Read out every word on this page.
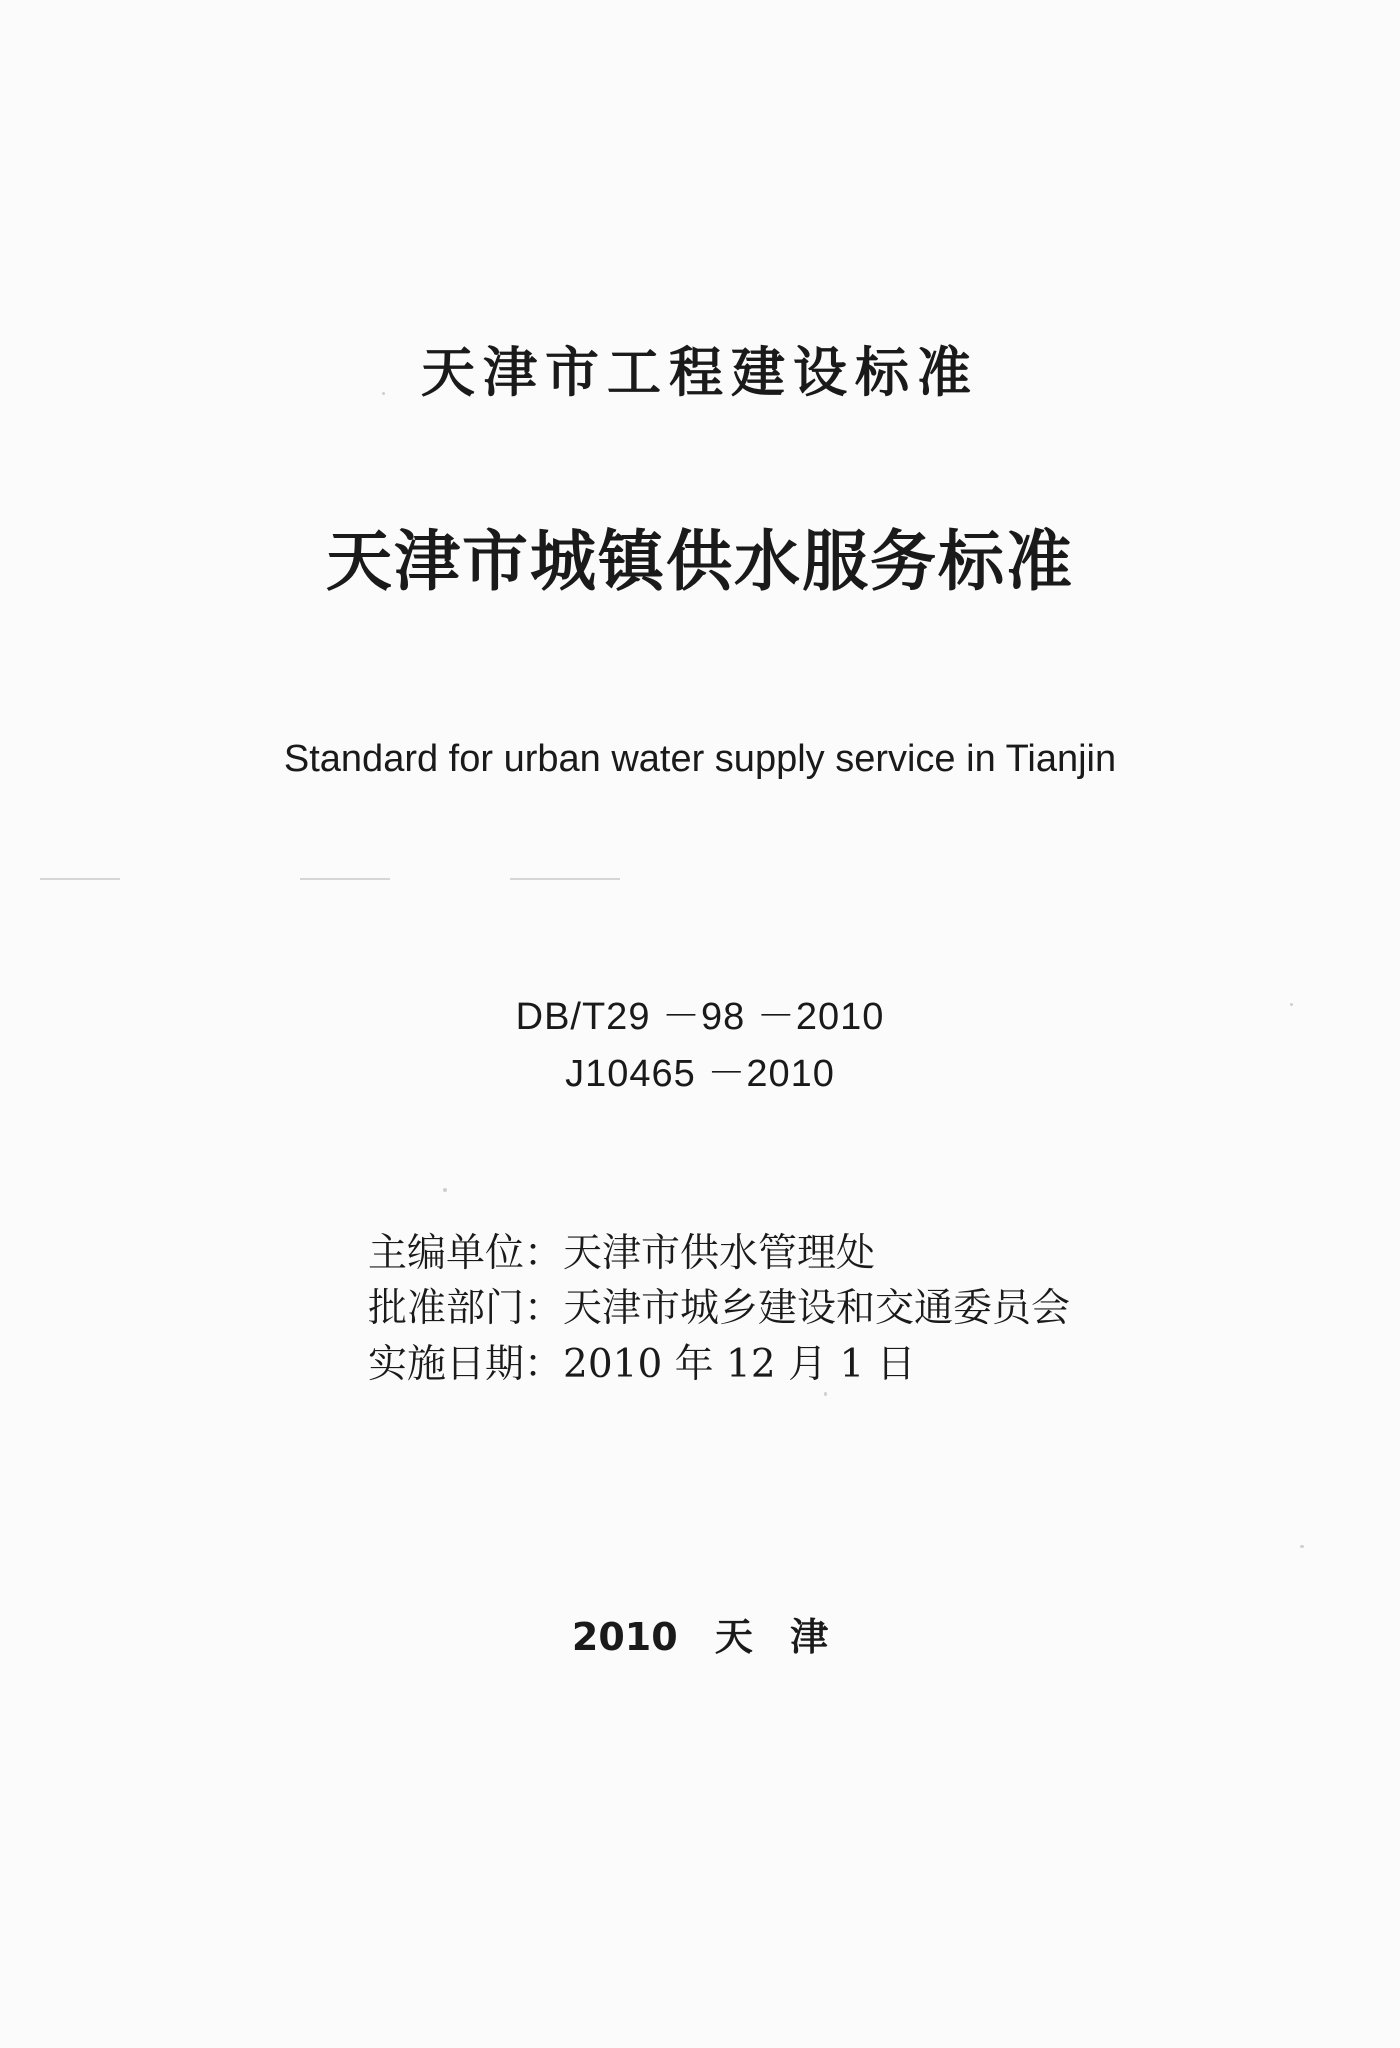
天津市工程建设标准
天津市城镇供水服务标准
Standard for urban water supply service in Tianjin
DB/T29 －98 －2010
J10465 －2010
主编单位：天津市供水管理处
批准部门：天津市城乡建设和交通委员会
实施日期：2010 年 12 月 1 日
2010 天 津
